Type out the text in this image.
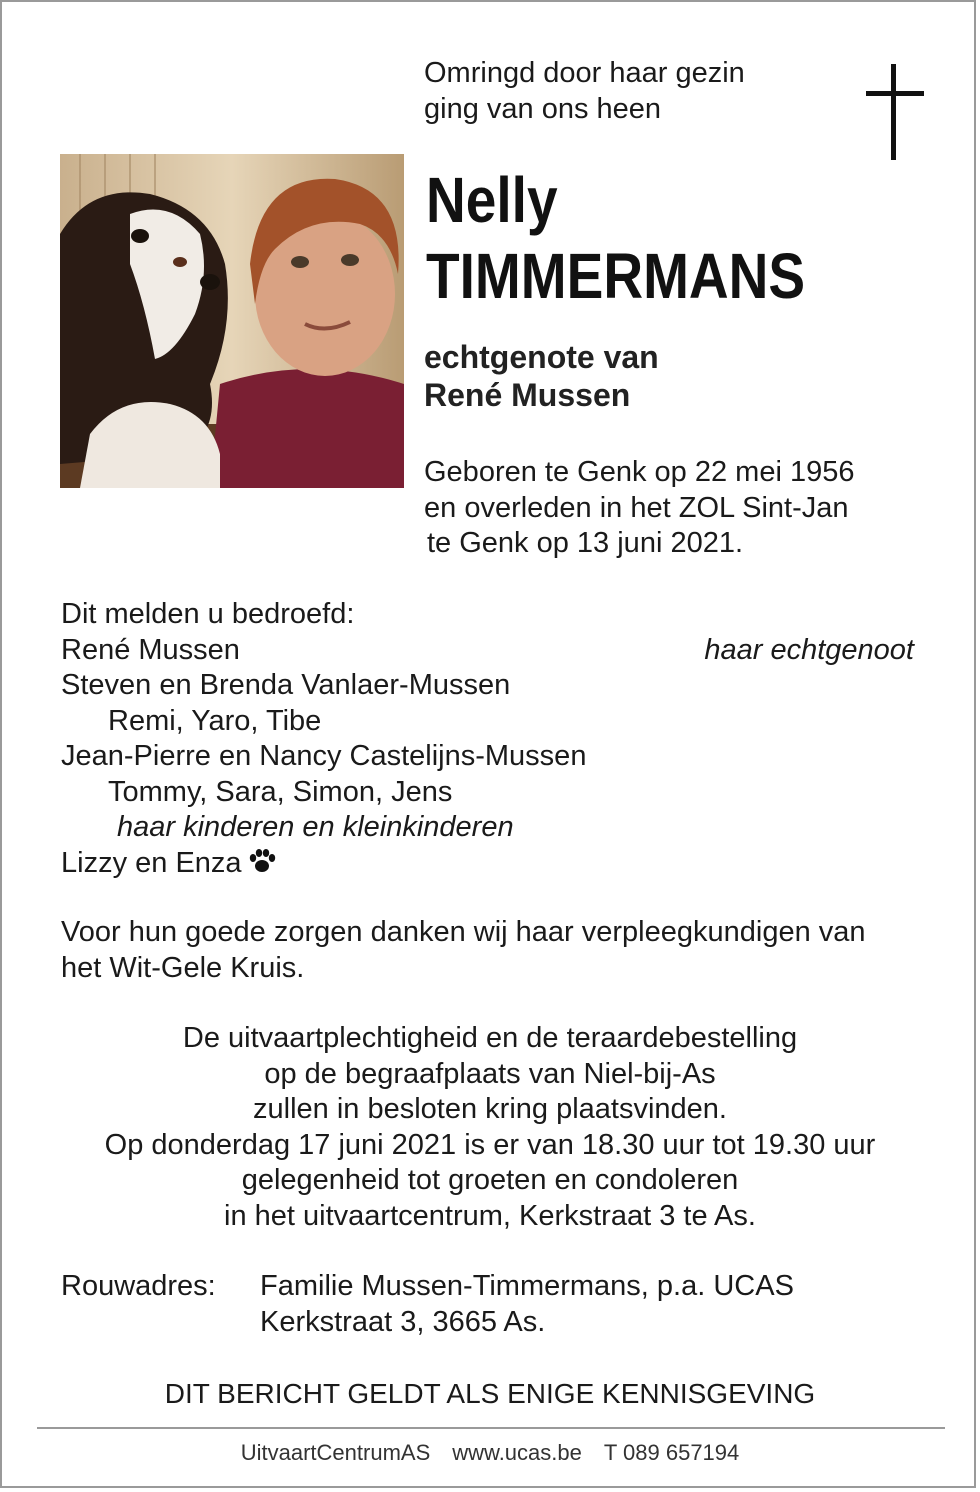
Omringd door haar gezin
ging van ons heen
Nelly
TIMMERMANS
echtgenote van
René Mussen
Geboren te Genk op 22 mei 1956
en overleden in het ZOL Sint-Jan
te Genk op 13 juni 2021.
Dit melden u bedroefd:
René Mussen	haar echtgenoot
Steven en Brenda Vanlaer-Mussen
Remi, Yaro, Tibe
Jean-Pierre en Nancy Castelijns-Mussen
Tommy, Sara, Simon, Jens
haar kinderen en kleinkinderen
Lizzy en Enza
Voor hun goede zorgen danken wij haar verpleegkundigen van
het Wit-Gele Kruis.
De uitvaartplechtigheid en de teraardebestelling
op de begraafplaats van Niel-bij-As
zullen in besloten kring plaatsvinden.
Op donderdag 17 juni 2021 is er van 18.30 uur tot 19.30 uur
gelegenheid tot groeten en condoleren
in het uitvaartcentrum, Kerkstraat 3 te As.
Rouwadres: Familie Mussen-Timmermans, p.a. UCAS
Kerkstraat 3, 3665 As.
DIT BERICHT GELDT ALS ENIGE KENNISGEVING
UitvaartCentrumAS www.ucas.be T 089 657194
